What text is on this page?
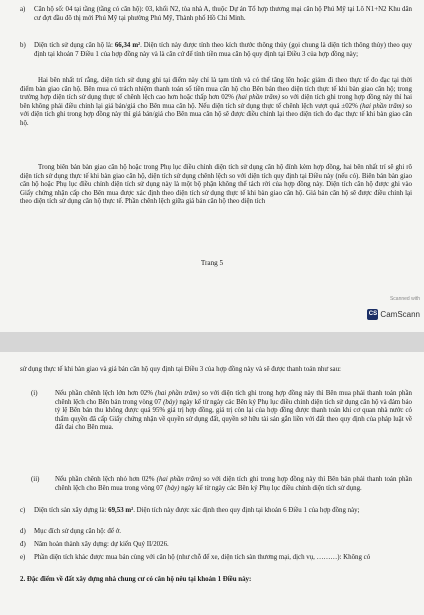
a) Căn hộ số: 04 tại tầng (tầng có căn hộ): 03, khối N2, tòa nhà A, thuộc Dự án Tổ hợp thương mại căn hộ Phú Mỹ tại Lô N1+N2 Khu dân cư đợt đầu đô thị mới Phú Mỹ tại phường Phú Mỹ, Thành phố Hồ Chí Minh.

b) Diện tích sử dụng căn hộ là: 66,34 m². Diện tích này được tính theo kích thước thông thủy (gọi chung là diện tích thông thủy) theo quy định tại khoản 7 Điều 1 của hợp đồng này và là căn cứ để tính tiền mua căn hộ quy định tại Điều 3 của hợp đồng này;

Hai bên nhất trí rằng, diện tích sử dụng ghi tại điểm này chỉ là tạm tính và có thể tăng lên hoặc giảm đi theo thực tế đo đạc tại thời điểm bàn giao căn hộ. Bên mua có trách nhiệm thanh toán số tiền mua căn hộ cho Bên bán theo diện tích thực tế khi bàn giao căn hộ; trong trường hợp diện tích sử dụng thực tế chênh lệch cao hơn hoặc thấp hơn 02% (hai phần trăm) so với diện tích ghi trong hợp đồng này thì hai bên không phải điều chỉnh lại giá bán/giá cho Bên mua căn hộ. Nếu diện tích sử dụng thực tế chênh lệch vượt quá ±02% (hai phần trăm) so với diện tích ghi trong hợp đồng này thì giá bán/giá cho Bên mua căn hộ sẽ được điều chỉnh lại theo diện tích đo đạc thực tế khi bàn giao căn hộ.

Trong biên bản bàn giao căn hộ hoặc trong Phụ lục điều chỉnh diện tích sử dụng căn hộ đính kèm hợp đồng, hai bên nhất trí sẽ ghi rõ diện tích sử dụng thực tế khi bàn giao căn hộ, diện tích sử dụng chênh lệch so với diện tích quy định tại Điều này (nếu có). Biên bản bàn giao căn hộ hoặc Phụ lục điều chỉnh diện tích sử dụng này là một bộ phận không thể tách rời của hợp đồng này. Diện tích căn hộ được ghi vào Giấy chứng nhận cấp cho Bên mua được xác định theo diện tích sử dụng thực tế khi bàn giao căn hộ. Giá bán căn hộ sẽ được điều chỉnh lại theo diện tích sử dụng căn hộ thực tế. Phần chênh lệch giữa giá bán căn hộ theo diện tích

Trang 5
Scanned with
CS CamScann

sử dụng thực tế khi bàn giao và giá bán căn hộ quy định tại Điều 3 của hợp đồng này và sẽ được thanh toán như sau:

(i)	Nếu phần chênh lệch lớn hơn 02% (hai phần trăm) so với diện tích ghi trong hợp đồng này thì Bên mua phải thanh toán phần chênh lệch cho Bên bán trong vòng 07 (bảy) ngày kể từ ngày các Bên ký Phụ lục điều chỉnh diện tích sử dụng căn hộ và đảm bảo tỷ lệ Bên bán thu không được quá 95% giá trị hợp đồng, giá trị còn lại của hợp đồng được thanh toán khi cơ quan nhà nước có thẩm quyền đã cấp Giấy chứng nhận về quyền sử dụng đất, quyền sở hữu tài sản gắn liền với đất theo quy định của pháp luật về đất đai cho Bên mua.

(ii) Nếu phần chênh lệch nhỏ hơn 02% (hai phần trăm) so với diện tích ghi trong hợp đồng này thì Bên bán phải thanh toán phần chênh lệch cho Bên mua trong vòng 07 (bảy) ngày kể từ ngày các Bên ký Phụ lục điều chỉnh diện tích sử dụng.

c) Diện tích sàn xây dựng là: 69,53 m². Diện tích này được xác định theo quy định tại khoản 6 Điều 1 của hợp đồng này;

d) Mục đích sử dụng căn hộ: để ở.

đ) Năm hoàn thành xây dựng: dự kiến Quý II/2026.

e) Phần diện tích khác được mua bán cùng với căn hộ (như chỗ để xe, diện tích sàn thương mại, dịch vụ, ………): Không có

2. Đặc điểm về đất xây dựng nhà chung cư có căn hộ nêu tại khoản 1 Điều này:
